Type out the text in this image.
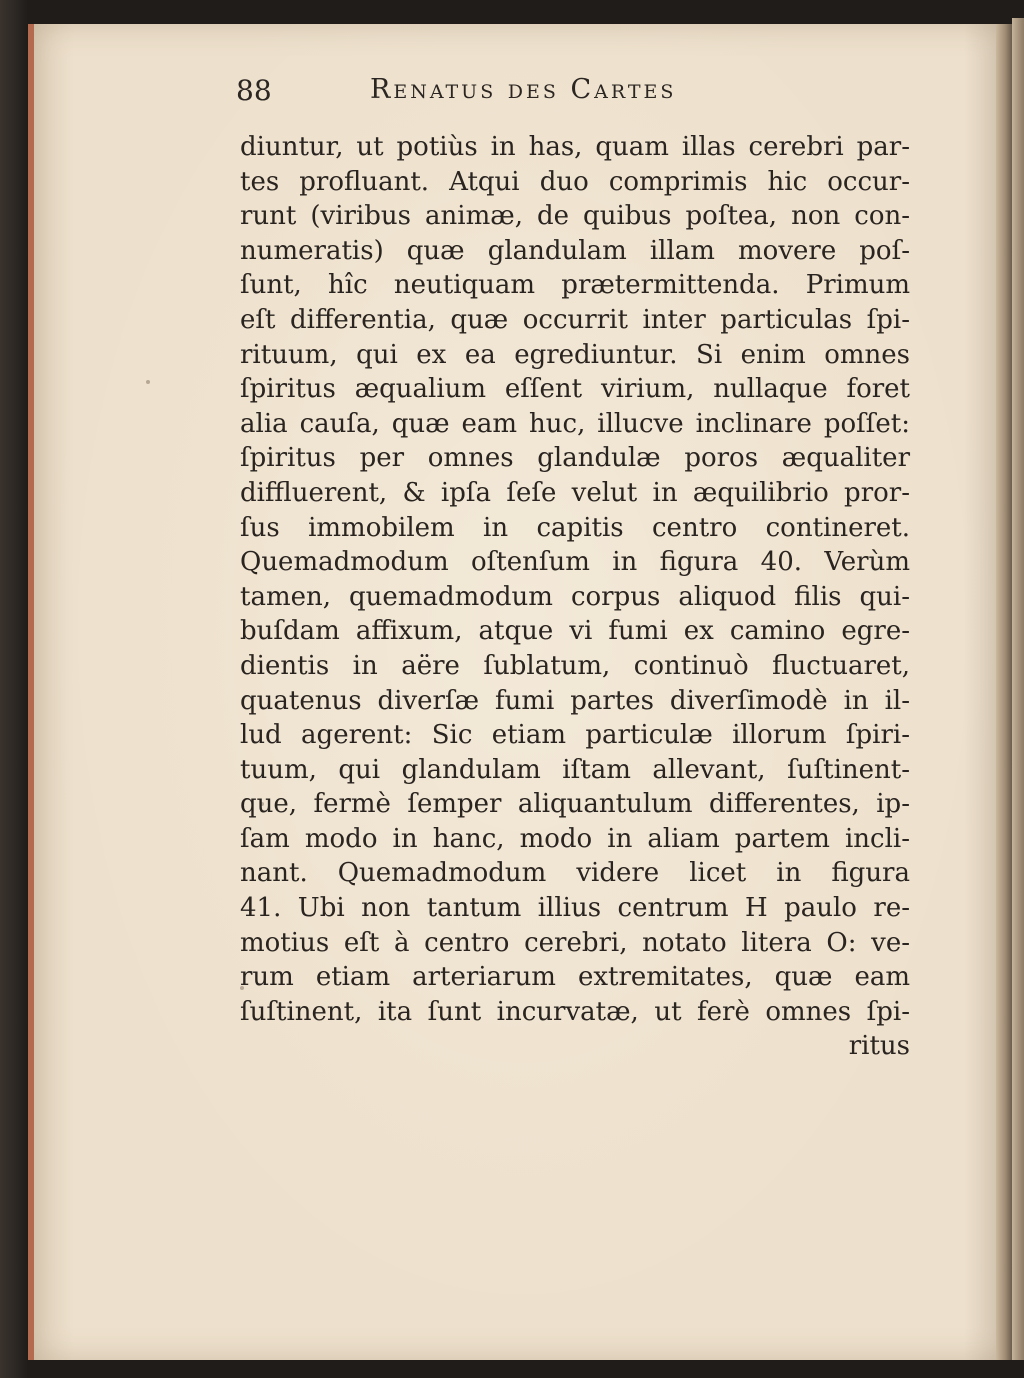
88	Renatus des Cartes
diuntur, ut potiùs in has, quam illas cerebri par-
tes profluant. Atqui duo comprimis hic occur-
runt (viribus animæ, de quibus poſtea, non con-
numeratis) quæ glandulam illam movere poſ-
ſunt, hîc neutiquam prætermittenda. Primum
eſt differentia, quæ occurrit inter particulas ſpi-
rituum, qui ex ea egrediuntur. Si enim omnes
ſpiritus æqualium eſſent virium, nullaque foret
alia cauſa, quæ eam huc, illucve inclinare poſſet:
ſpiritus per omnes glandulæ poros æqualiter
diffluerent, & ipſa ſeſe velut in æquilibrio pror-
ſus immobilem in capitis centro contineret.
Quemadmodum oſtenſum in figura 40. Verùm
tamen, quemadmodum corpus aliquod filis qui-
buſdam affixum, atque vi fumi ex camino egre-
dientis in aëre ſublatum, continuò fluctuaret,
quatenus diverſæ fumi partes diverſimodè in il-
lud agerent: Sic etiam particulæ illorum ſpiri-
tuum, qui glandulam iſtam allevant, ſuſtinent-
que, fermè ſemper aliquantulum differentes, ip-
ſam modo in hanc, modo in aliam partem incli-
nant. Quemadmodum videre licet in figura
41. Ubi non tantum illius centrum H paulo re-
motius eſt à centro cerebri, notato litera O: ve-
rum etiam arteriarum extremitates, quæ eam
ſuſtinent, ita ſunt incurvatæ, ut ferè omnes ſpi-
ritus
